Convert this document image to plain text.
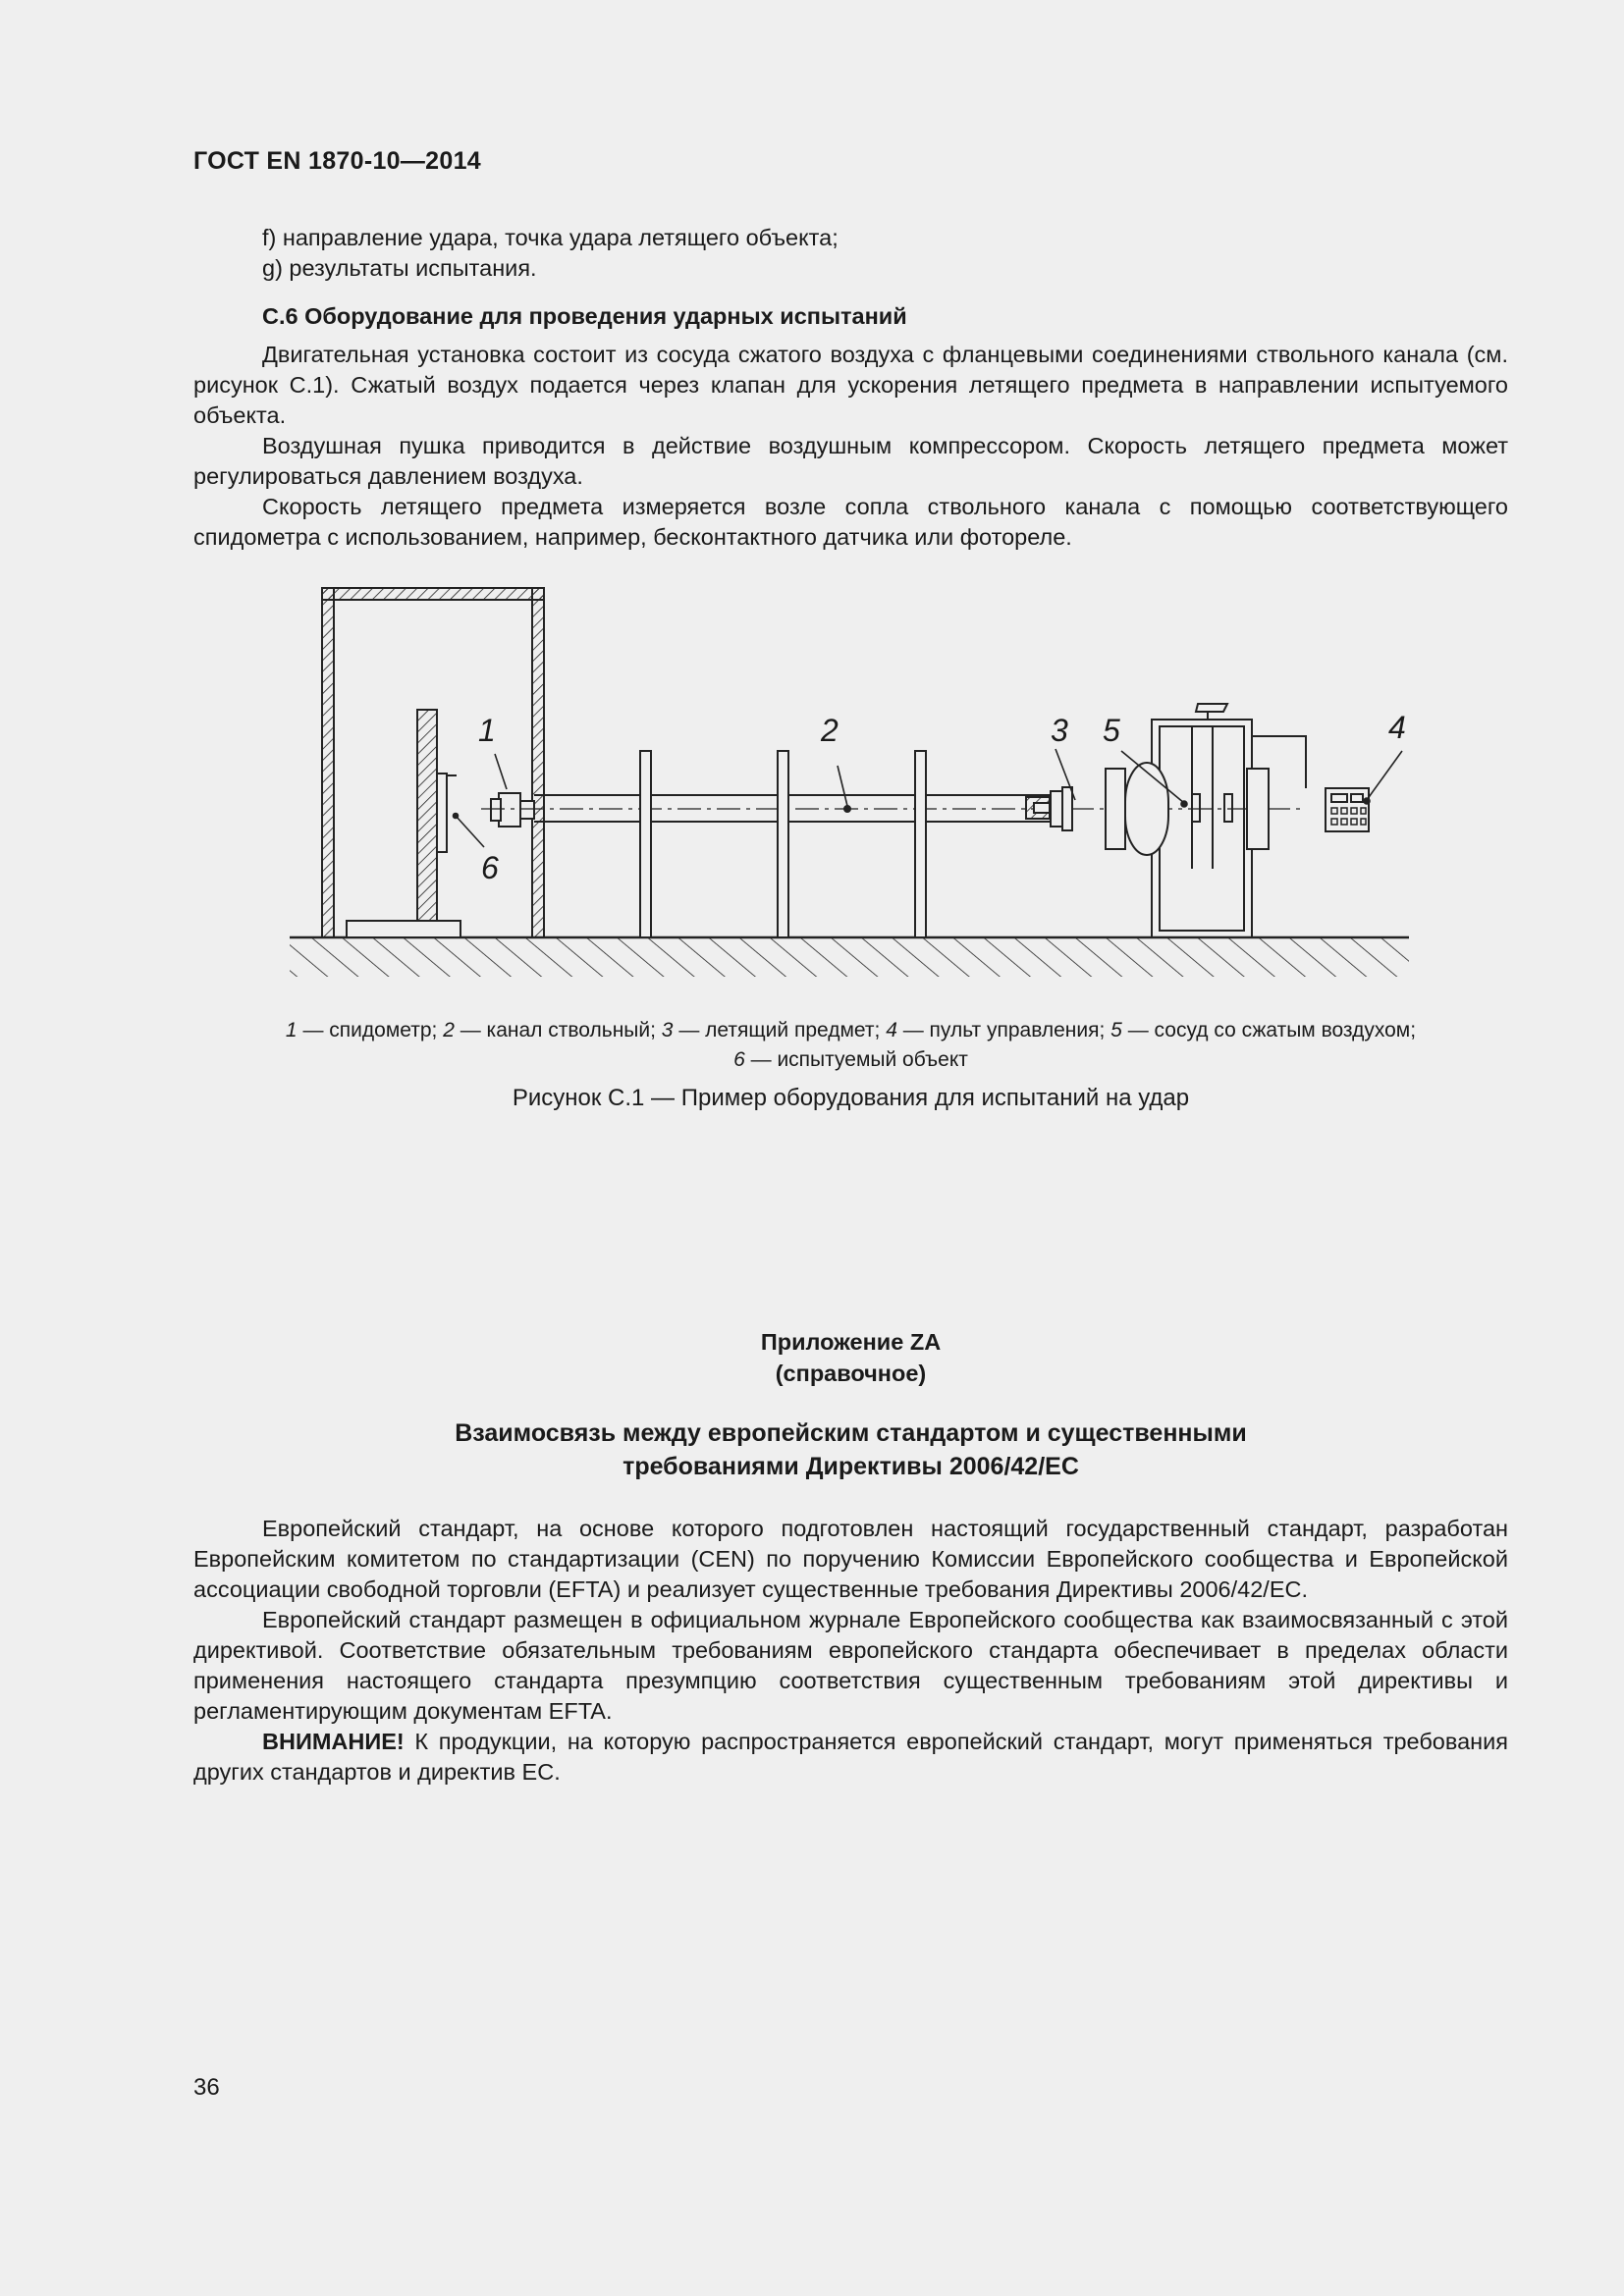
ГОСТ EN 1870-10—2014
f) направление удара, точка удара летящего объекта;
g) результаты испытания.
C.6 Оборудование для проведения ударных испытаний

Двигательная установка состоит из сосуда сжатого воздуха с фланцевыми соединениями ствольного канала (см. рисунок С.1). Сжатый воздух подается через клапан для ускорения летящего предмета в направлении испытуемого объекта.

Воздушная пушка приводится в действие воздушным компрессором. Скорость летящего предмета может регулироваться давлением воздуха.

Скорость летящего предмета измеряется возле сопла ствольного канала с помощью соответствующего спидометра с использованием, например, бесконтактного датчика или фотореле.

1	2	3	4
5
6
1 — спидометр; 2 — канал ствольный; 3 — летящий предмет; 4 — пульт управления; 5 — сосуд со сжатым воздухом;
6 — испытуемый объект
Рисунок С.1 — Пример оборудования для испытаний на удар
Приложение ZA
(справочное)
Взаимосвязь между европейским стандартом и существенными
требованиями Директивы 2006/42/ЕС

Европейский стандарт, на основе которого подготовлен настоящий государственный стандарт, разработан Европейским комитетом по стандартизации (CEN) по поручению Комиссии Европейского сообщества и Европейской ассоциации свободной торговли (EFTA) и реализует существенные требования Директивы 2006/42/ЕС.

Европейский стандарт размещен в официальном журнале Европейского сообщества как взаимосвязанный с этой директивой. Соответствие обязательным требованиям европейского стандарта обеспечивает в пределах области применения настоящего стандарта презумпцию соответствия существенным требованиям этой директивы и регламентирующим документам EFTA.

ВНИМАНИЕ! К продукции, на которую распространяется европейский стандарт, могут применяться требования других стандартов и директив ЕС.

36
